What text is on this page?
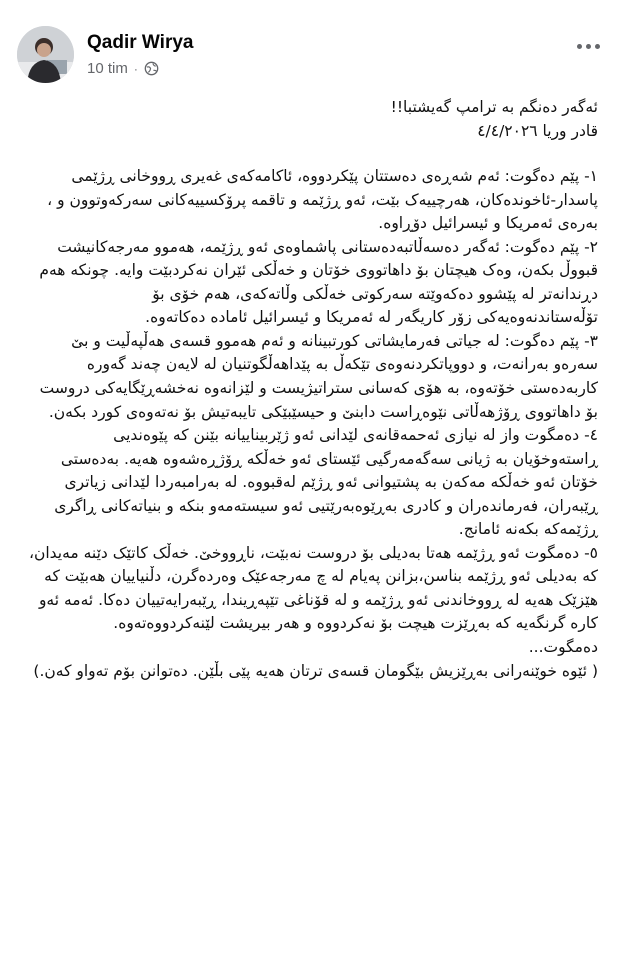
Qadir Wirya
10 tim ·

ئەگەر دەنگم بە ترامپ گەیشتبا!!

قادر وریا ٤/٤/٢٠٢٦

١- پێم دەگوت: ئەم شەڕەی دەستتان پێکردووە، ئاکامەکەی غەیری ڕووخانی ڕژێمی پاسدار-ئاخوندەکان، هەرچییەک بێت، ئەو ڕژێمە و تاقمە پرۆکسییەکانی سەرکەوتوون و ، بەرەی ئەمریکا و ئیسرائیل دۆڕاوە.

٢- پێم دەگوت: ئەگەر دەسەڵاتبەدەستانی پاشماوەی ئەو ڕژێمە، هەموو مەرجەکانیشت قبووڵ بکەن، وەک هیچتان بۆ داهاتووی خۆتان و خەڵکی ئێران نەکردبێت وایە. چونکە هەم دڕندانەتر لە پێشوو دەکەوێتە سەرکوتی خەڵکی وڵاتەکەی، هەم خۆی بۆ تۆڵەستاندنەوەیەکی زۆر کاریگەر لە ئەمریکا و ئیسرائیل ئامادە دەکاتەوە.

٣- پێم دەگوت: لە جیاتی فەرمایشاتی کورتبینانە و ئەم هەموو قسەی هەڵپەڵیت و بێ سەرەو بەرانەت، و دووپاتکردنەوەی تێکەڵ بە پێداهەڵگوتنیان لە لایەن چەند گەورە کاربەدەستی خۆتەوە، بە هۆی کەسانی ستراتیژیست و لێزانەوە نەخشەڕێگایەکی دروست بۆ داهاتووی ڕۆژهەڵاتی نێوەڕاست دابنێ و حیسێبێکی تایبەتیش بۆ نەتەوەی کورد بکەن.

٤- دەمگوت واز لە نیازی ئەحمەقانەی لێدانی ئەو ژێربیناییانە بێنن کە پێوەندیی ڕاستەوخۆیان بە ژیانی سەگەمەرگیی ئێستای ئەو خەڵکە ڕۆژڕەشەوە هەیە. بەدەستی خۆتان ئەو خەڵکە مەکەن بە پشتیوانی ئەو ڕژێم لەقبووە. لە بەرامبەردا لێدانی زیاتری ڕێبەران، فەرماندەران و کادری بەڕێوەبەرێتیی ئەو سیستەمەو بنکە و بنیاتەکانی ڕاگری ڕژێمەکە بکەنە ئامانج.

٥- دەمگوت ئەو ڕژێمە هەتا بەدیلی بۆ دروست نەبێت، ناڕووخێ. خەڵک کاتێک دێنە مەیدان، کە بەدیلی ئەو ڕژێمە بناسن،بزانن پەیام لە چ مەرجەعێک وەردەگرن، دڵنیاییان هەبێت کە هێزێک هەیە لە ڕووخاندنی ئەو ڕژێمە و لە قۆناغی تێپەڕیندا، ڕێبەرایەتییان دەکا. ئەمە ئەو کارە گرنگەیە کە بەڕێزت هیچت بۆ نەکردووە و هەر بیریشت لێنەکردووەتەوە.

دەمگوت...

( ئێوە خوێنەرانی بەڕێزیش بێگومان قسەی ترتان هەیە پێی بڵێن. دەتوانن بۆم تەواو کەن.)
